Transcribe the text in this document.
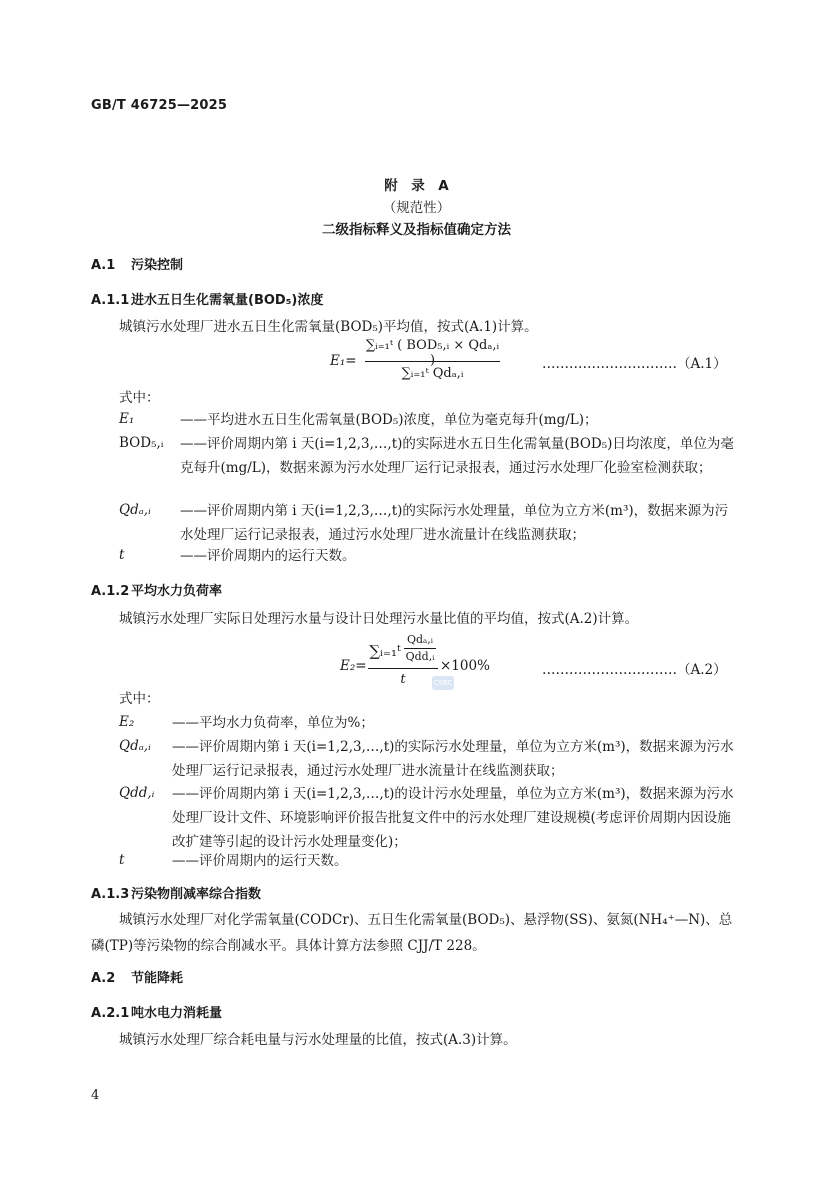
GB/T 46725—2025
附　录　A
（规范性）
二级指标释义及指标值确定方法
A.1 污染控制
A.1.1 进水五日生化需氧量(BOD₅)浓度
城镇污水处理厂进水五日生化需氧量(BOD₅)平均值，按式(A.1)计算。
E₁=
∑ᵢ₌₁ᵗ ( BOD₅,ᵢ × Qdₐ,ᵢ
∑ᵢ₌₁ᵗ Qdₐ,ᵢ
…………………………（A.1）
式中：
E₁	——平均进水五日生化需氧量(BOD₅)浓度，单位为毫克每升(mg/L)；
BOD₅,ᵢ ——评价周期内第 i 天(i=1,2,3,…,t)的实际进水五日生化需氧量(BOD₅)日均浓度，单位为毫克每升(mg/L)，数据来源为污水处理厂运行记录报表，通过污水处理厂化验室检测获取；
Qdₐ,ᵢ ——评价周期内第 i 天(i=1,2,3,…,t)的实际污水处理量，单位为立方米(m³)，数据来源为污水处理厂运行记录报表，通过污水处理厂进水流量计在线监测获取；
t	——评价周期内的运行天数。
A.1.2 平均水力负荷率
城镇污水处理厂实际日处理污水量与设计日处理污水量比值的平均值，按式(A.2)计算。
E₂=
∑ᵢ₌₁ᵗ
Qdₐ,ᵢ
Qdd,ᵢ
t
×100%	…………………………（A.2）
CSRC
式中：
E₂	——平均水力负荷率，单位为%；
Qdₐ,ᵢ ——评价周期内第 i 天(i=1,2,3,…,t)的实际污水处理量，单位为立方米(m³)，数据来源为污水处理厂运行记录报表，通过污水处理厂进水流量计在线监测获取；
Qdd,ᵢ ——评价周期内第 i 天(i=1,2,3,…,t)的设计污水处理量，单位为立方米(m³)，数据来源为污水处理厂设计文件、环境影响评价报告批复文件中的污水处理厂建设规模(考虑评价周期内因设施改扩建等引起的设计污水处理量变化)；
t	——评价周期内的运行天数。
A.1.3 污染物削减率综合指数
城镇污水处理厂对化学需氧量(CODCr)、五日生化需氧量(BOD₅)、悬浮物(SS)、氨氮(NH₄⁺—N)、总磷(TP)等污染物的综合削减水平。具体计算方法参照 CJJ/T 228。
A.2 节能降耗
A.2.1 吨水电力消耗量
城镇污水处理厂综合耗电量与污水处理量的比值，按式(A.3)计算。
4
